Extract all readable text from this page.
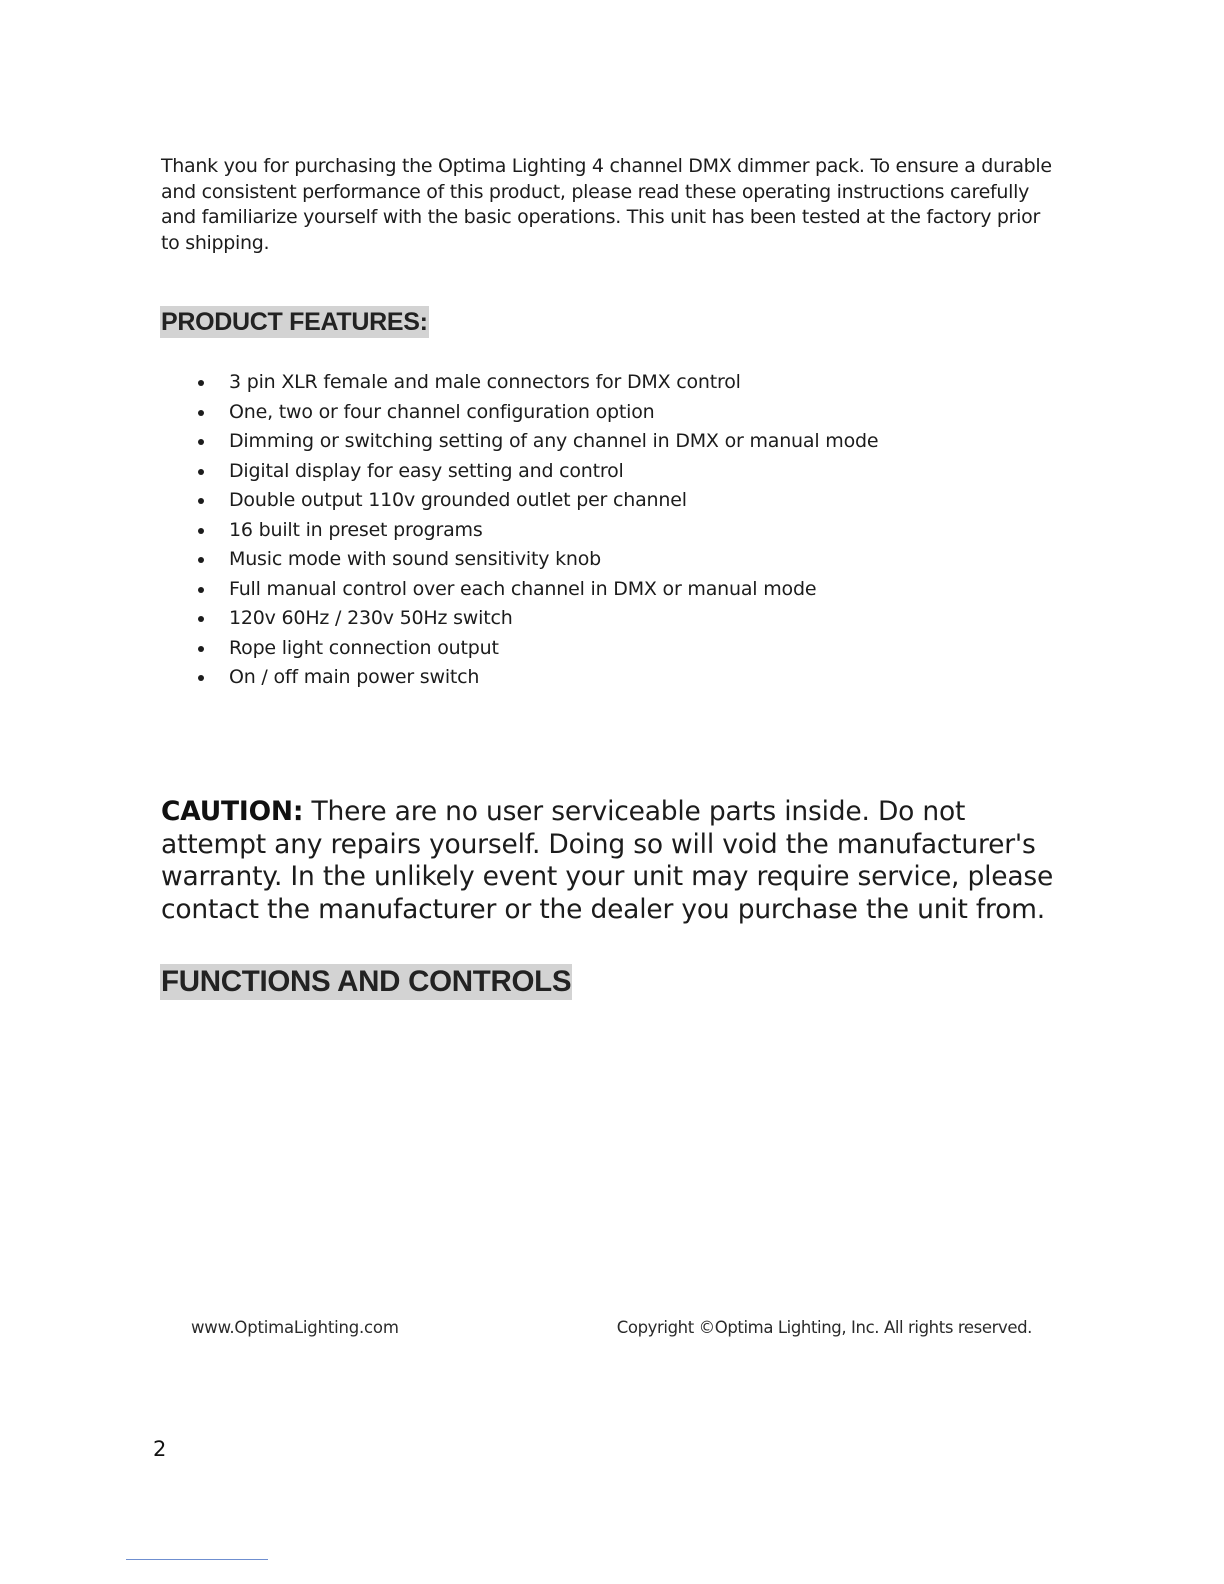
Thank you for purchasing the Optima Lighting 4 channel DMX dimmer pack. To ensure a durable and consistent performance of this product, please read these operating instructions carefully and familiarize yourself with the basic operations. This unit has been tested at the factory prior to shipping.

PRODUCT FEATURES:
3 pin XLR female and male connectors for DMX control
One, two or four channel configuration option
Dimming or switching setting of any channel in DMX or manual mode
Digital display for easy setting and control
Double output 110v grounded outlet per channel
16 built in preset programs
Music mode with sound sensitivity knob
Full manual control over each channel in DMX or manual mode
120v 60Hz / 230v 50Hz switch
Rope light connection output
On / off main power switch

CAUTION: There are no user serviceable parts inside. Do not attempt any repairs yourself. Doing so will void the manufacturer's warranty. In the unlikely event your unit may require service, please contact the manufacturer or the dealer you purchase the unit from.

FUNCTIONS AND CONTROLS
www.OptimaLighting.com	Copyright ©Optima Lighting, Inc. All rights reserved.
2
